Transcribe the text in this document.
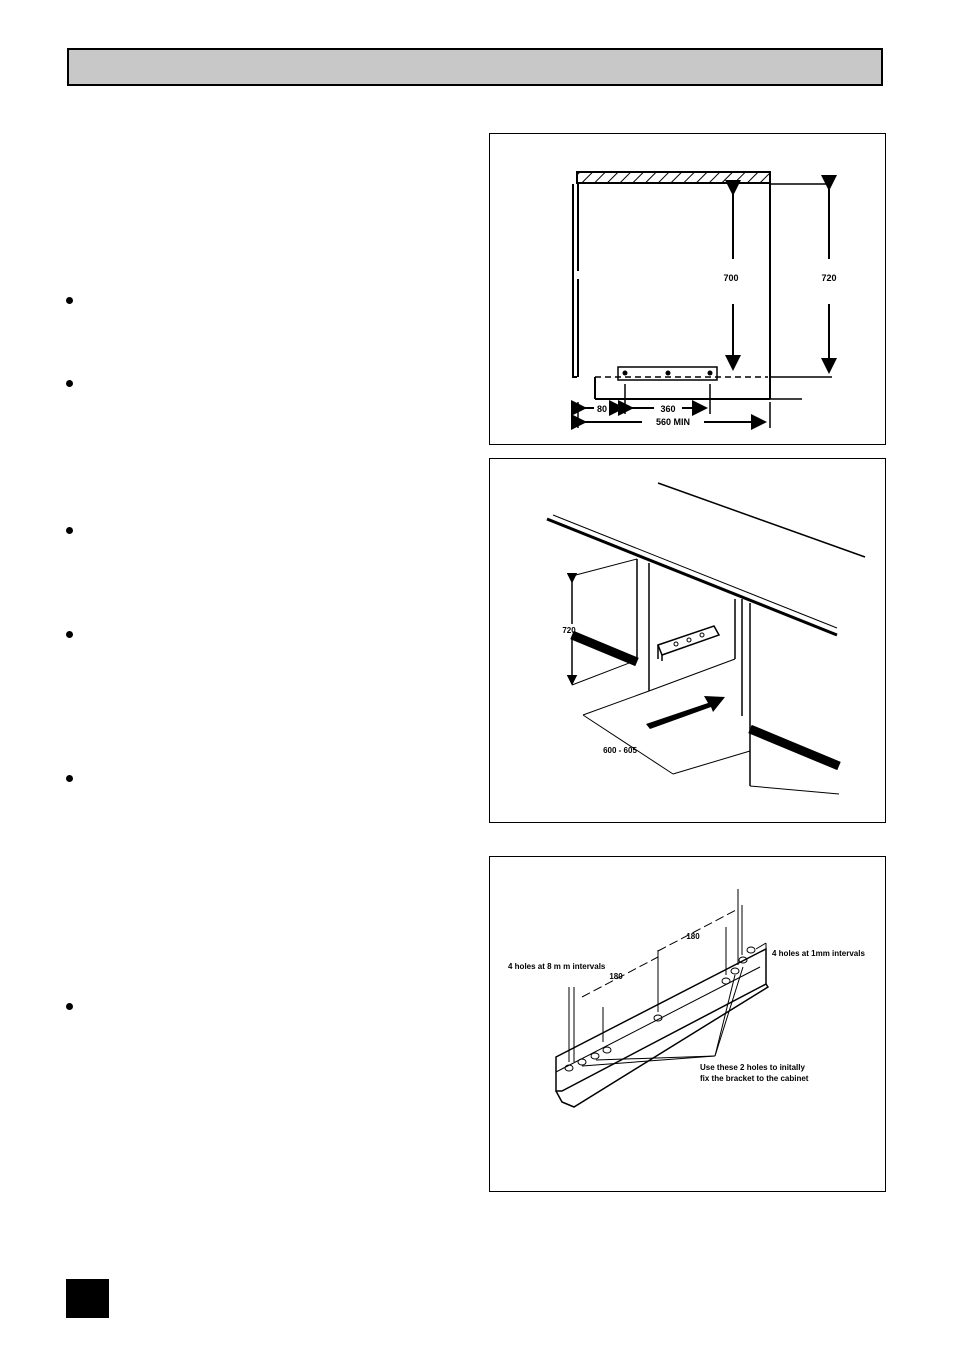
700	720
80	360
560 MIN
720
600 - 605
180
180
4 holes at 8 m m intervals
4 holes at 1mm intervals
Use these 2 holes to initally
fix the bracket to the cabinet
